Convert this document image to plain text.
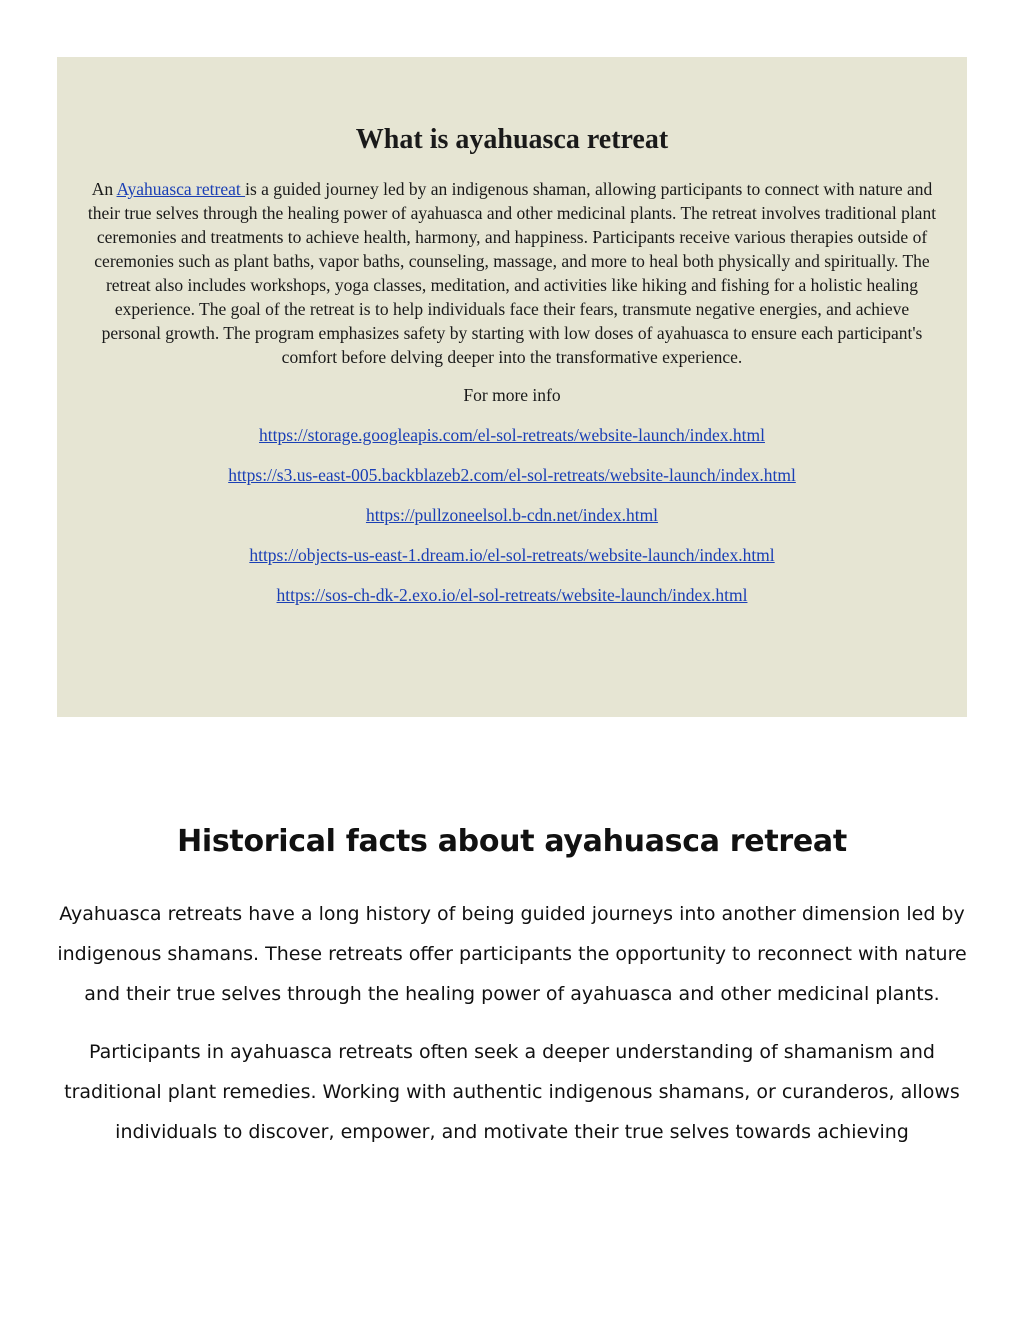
What is ayahuasca retreat

An Ayahuasca retreat is a guided journey led by an indigenous shaman, allowing participants to connect with nature and their true selves through the healing power of ayahuasca and other medicinal plants. The retreat involves traditional plant ceremonies and treatments to achieve health, harmony, and happiness. Participants receive various therapies outside of ceremonies such as plant baths, vapor baths, counseling, massage, and more to heal both physically and spiritually. The retreat also includes workshops, yoga classes, meditation, and activities like hiking and fishing for a holistic healing experience. The goal of the retreat is to help individuals face their fears, transmute negative energies, and achieve personal growth. The program emphasizes safety by starting with low doses of ayahuasca to ensure each participant's comfort before delving deeper into the transformative experience.

For more info

https://storage.googleapis.com/el-sol-retreats/website-launch/index.html
https://s3.us-east-005.backblazeb2.com/el-sol-retreats/website-launch/index.html
https://pullzoneelsol.b-cdn.net/index.html
https://objects-us-east-1.dream.io/el-sol-retreats/website-launch/index.html
https://sos-ch-dk-2.exo.io/el-sol-retreats/website-launch/index.html
Historical facts about ayahuasca retreat

Ayahuasca retreats have a long history of being guided journeys into another dimension led by indigenous shamans. These retreats offer participants the opportunity to reconnect with nature and their true selves through the healing power of ayahuasca and other medicinal plants.

Participants in ayahuasca retreats often seek a deeper understanding of shamanism and traditional plant remedies. Working with authentic indigenous shamans, or curanderos, allows individuals to discover, empower, and motivate their true selves towards achieving
